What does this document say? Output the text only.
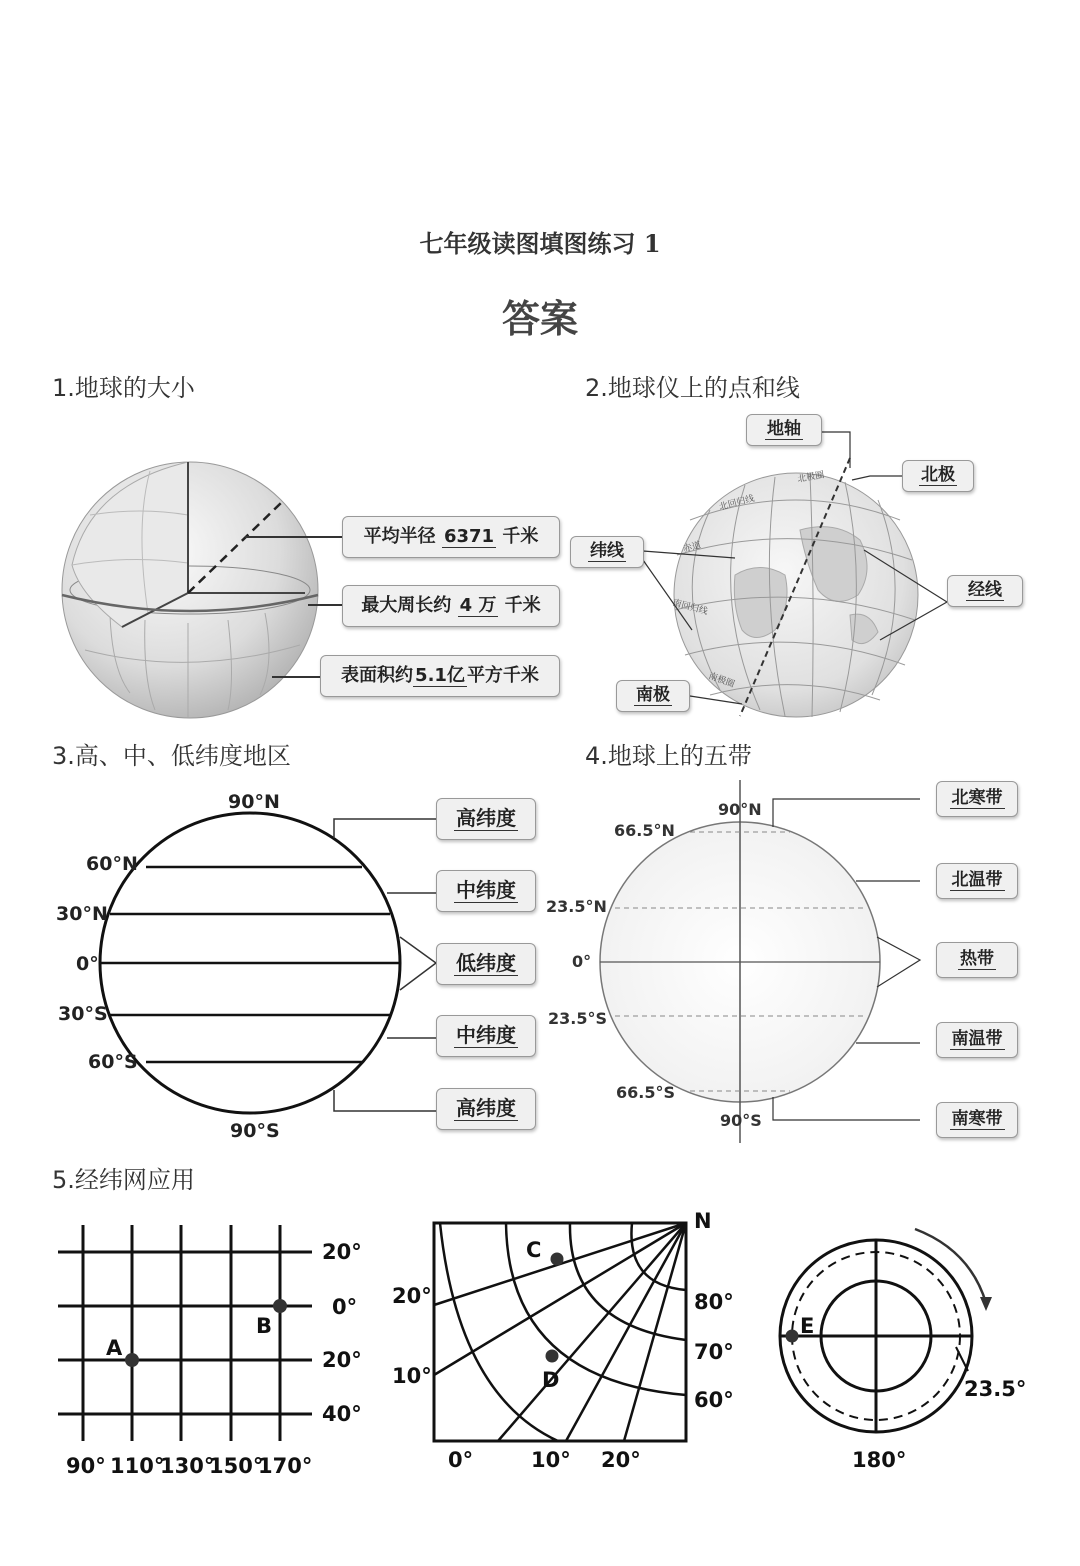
七年级读图填图练习 1
答案
1.地球的大小	2.地球仪上的点和线
3.高、中、低纬度地区	4.地球上的五带
5.经纬网应用
平均半径 6371 千米
最大周长约 4 万 千米
表面积约 5.1亿 平方千米
北极圈
北回归线
赤道
南回归线
南极圈
地轴
北极
纬线
经线
南极
90°N
60°N
30°N
0°
30°S
60°S
90°S
高纬度
中纬度
低纬度
中纬度
高纬度
90°N
66.5°N
23.5°N
0°
23.5°S
66.5°S
90°S
北寒带
北温带
热带
南温带
南寒带
A
B
20°
0°
20°
40°
90° 110°
130°
150°
170°
N
C
D
20°
10°
80°
70°
60°
0°	10° 20°
E
23.5°
180°
